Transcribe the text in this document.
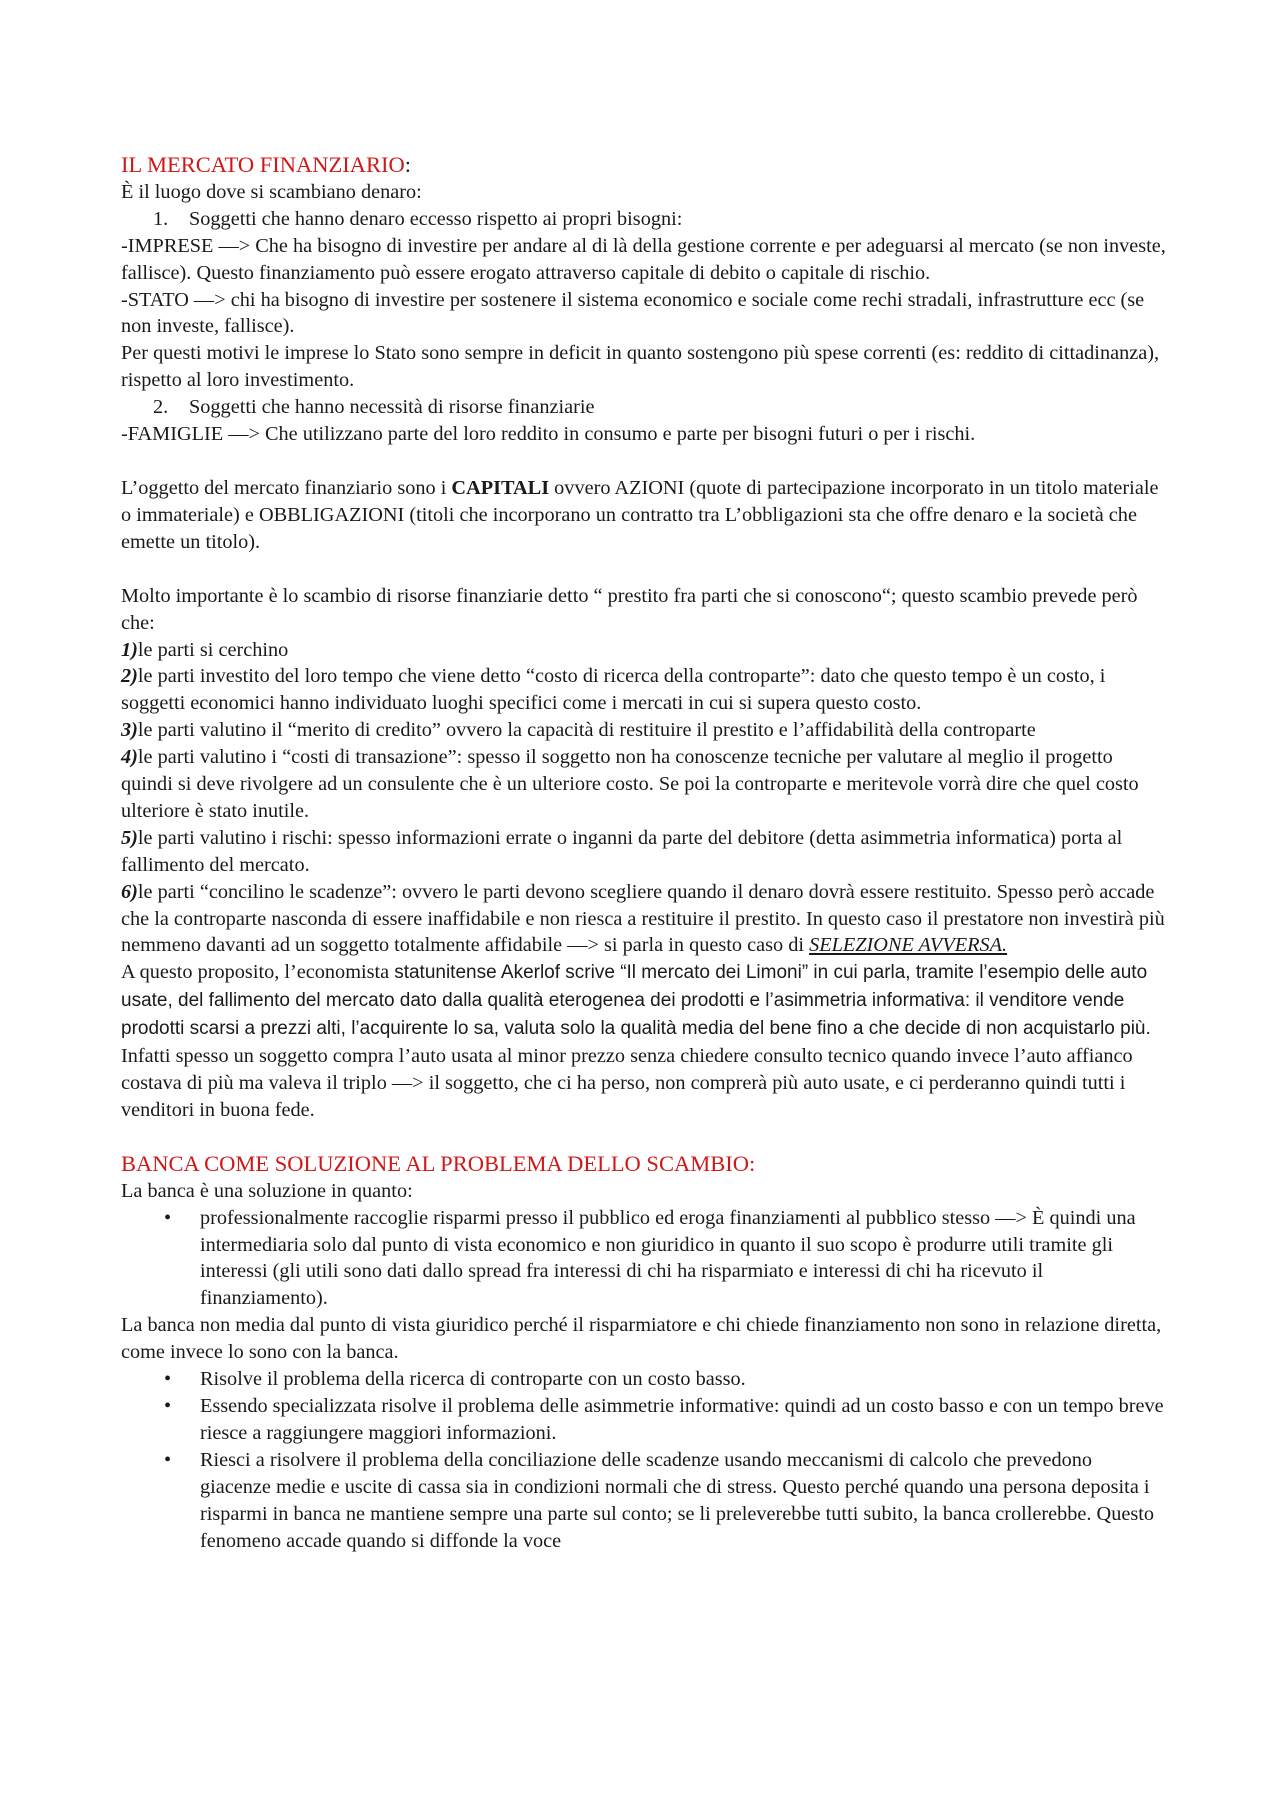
IL MERCATO FINANZIARIO:

È il luogo dove si scambiano denaro:

1. Soggetti che hanno denaro eccesso rispetto ai propri bisogni:

-IMPRESE —> Che ha bisogno di investire per andare al di là della gestione corrente e per adeguarsi al mercato (se non investe, fallisce). Questo finanziamento può essere erogato attraverso capitale di debito o capitale di rischio.

-STATO —> chi ha bisogno di investire per sostenere il sistema economico e sociale come rechi stradali, infrastrutture ecc (se non investe, fallisce).

Per questi motivi le imprese lo Stato sono sempre in deficit in quanto sostengono più spese correnti (es: reddito di cittadinanza), rispetto al loro investimento.

2. Soggetti che hanno necessità di risorse finanziarie

-FAMIGLIE —> Che utilizzano parte del loro reddito in consumo e parte per bisogni futuri o per i rischi.

L’oggetto del mercato finanziario sono i CAPITALI ovvero AZIONI (quote di partecipazione incorporato in un titolo materiale o immateriale) e OBBLIGAZIONI (titoli che incorporano un contratto tra L’obbligazioni sta che offre denaro e la società che emette un titolo).

Molto importante è lo scambio di risorse finanziarie detto “ prestito fra parti che si conoscono“; questo scambio prevede però che:

1)le parti si cerchino

2)le parti investito del loro tempo che viene detto “costo di ricerca della controparte”: dato che questo tempo è un costo, i soggetti economici hanno individuato luoghi specifici come i mercati in cui si supera questo costo.

3)le parti valutino il “merito di credito” ovvero la capacità di restituire il prestito e l’affidabilità della controparte

4)le parti valutino i “costi di transazione”: spesso il soggetto non ha conoscenze tecniche per valutare al meglio il progetto quindi si deve rivolgere ad un consulente che è un ulteriore costo. Se poi la controparte e meritevole vorrà dire che quel costo ulteriore è stato inutile.

5)le parti valutino i rischi: spesso informazioni errate o inganni da parte del debitore (detta asimmetria informatica) porta al fallimento del mercato.

6)le parti “concilino le scadenze”: ovvero le parti devono scegliere quando il denaro dovrà essere restituito. Spesso però accade che la controparte nasconda di essere inaffidabile e non riesca a restituire il prestito. In questo caso il prestatore non investirà più nemmeno davanti ad un soggetto totalmente affidabile —> si parla in questo caso di SELEZIONE AVVERSA.

A questo proposito, l’economista statunitense Akerlof scrive “Il mercato dei Limoni” in cui parla, tramite l’esempio delle auto usate, del fallimento del mercato dato dalla qualità eterogenea dei prodotti e l’asimmetria informativa: il venditore vende prodotti scarsi a prezzi alti, l’acquirente lo sa, valuta solo la qualità media del bene fino a che decide di non acquistarlo più.

Infatti spesso un soggetto compra l’auto usata al minor prezzo senza chiedere consulto tecnico quando invece l’auto affianco costava di più ma valeva il triplo —> il soggetto, che ci ha perso, non comprerà più auto usate, e ci perderanno quindi tutti i venditori in buona fede.

BANCA COME SOLUZIONE AL PROBLEMA DELLO SCAMBIO:

La banca è una soluzione in quanto:

• professionalmente raccoglie risparmi presso il pubblico ed eroga finanziamenti al pubblico stesso —> È quindi una intermediaria solo dal punto di vista economico e non giuridico in quanto il suo scopo è produrre utili tramite gli interessi (gli utili sono dati dallo spread fra interessi di chi ha risparmiato e interessi di chi ha ricevuto il finanziamento).

La banca non media dal punto di vista giuridico perché il risparmiatore e chi chiede finanziamento non sono in relazione diretta, come invece lo sono con la banca.

• Risolve il problema della ricerca di controparte con un costo basso.

• Essendo specializzata risolve il problema delle asimmetrie informative: quindi ad un costo basso e con un tempo breve riesce a raggiungere maggiori informazioni.

• Riesci a risolvere il problema della conciliazione delle scadenze usando meccanismi di calcolo che prevedono giacenze medie e uscite di cassa sia in condizioni normali che di stress. Questo perché quando una persona deposita i risparmi in banca ne mantiene sempre una parte sul conto; se li preleverebbe tutti subito, la banca crollerebbe. Questo fenomeno accade quando si diffonde la voce
